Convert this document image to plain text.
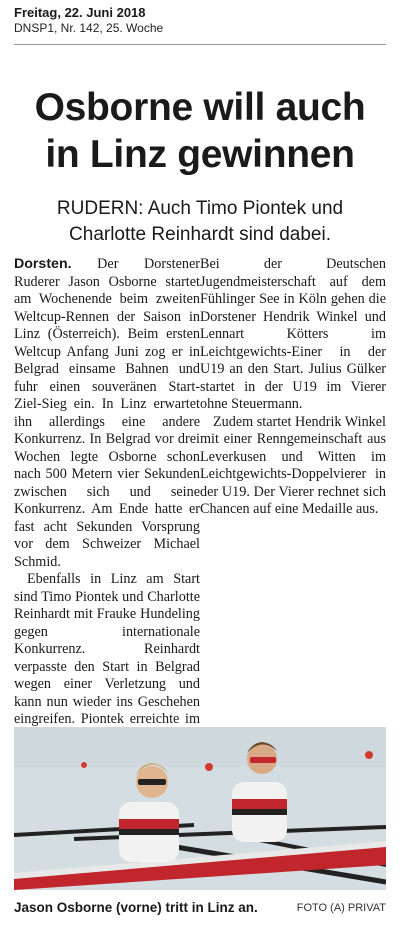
Freitag, 22. Juni 2018
DNSP1, Nr. 142, 25. Woche
Osborne will auch
in Linz gewinnen
RUDERN: Auch Timo Piontek und
Charlotte Reinhardt sind dabei.

Dorsten. Der Dorstener Ruderer Jason Osborne startet am Wochenende beim zweiten Weltcup-Rennen der Saison in Linz (Österreich). Beim ersten Weltcup Anfang Juni zog er in Belgrad einsame Bahnen und fuhr einen souveränen Start-Ziel-Sieg ein. In Linz erwartet ihn allerdings eine andere Konkurrenz. In Belgrad vor drei Wochen legte Osborne schon nach 500 Metern vier Sekunden zwischen sich und seine Konkurrenz. Am Ende hatte er fast acht Sekunden Vorsprung vor dem Schweizer Michael Schmid.

Ebenfalls in Linz am Start sind Timo Piontek und Charlotte Reinhardt mit Frauke Hundeling gegen internationale Konkurrenz. Reinhardt verpasste den Start in Belgrad wegen einer Verletzung und kann nun wieder ins Geschehen eingreifen. Piontek erreichte im

Bei der Deutschen Jugendmeisterschaft auf dem Fühlinger See in Köln gehen die Dorstener Hendrik Winkel und Lennart Kötters im Leichtgewichts-Einer in der U19 an den Start. Julius Gülker startet in der U19 im Vierer ohne Steuermann.

Zudem startet Hendrik Winkel mit einer Renngemeinschaft aus Leverkusen und Witten im Leichtgewichts-Doppelvierer in der U19. Der Vierer rechnet sich Chancen auf eine Medaille aus.

Jason Osborne (vorne) tritt in Linz an.	FOTO (A) PRIVAT
